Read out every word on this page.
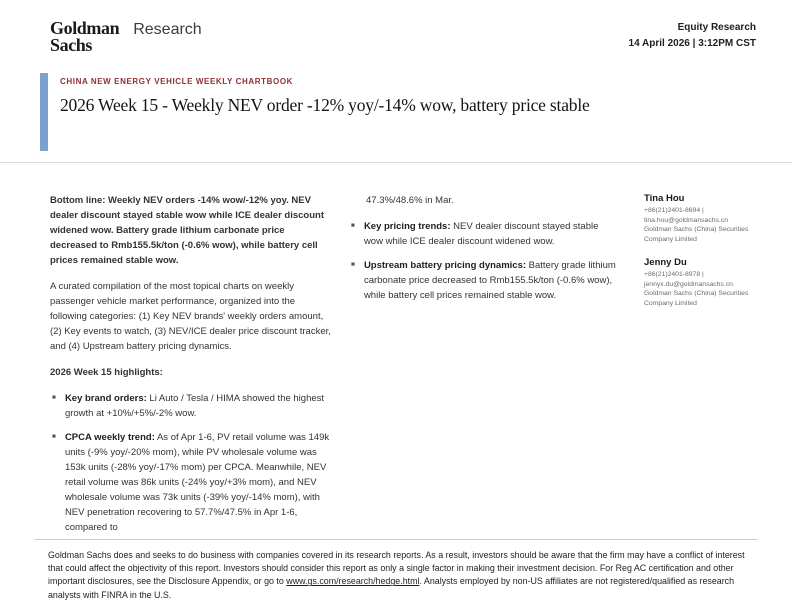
Goldman
Sachs
Research	Equity Research
14 April 2026 | 3:12PM CST
CHINA NEW ENERGY VEHICLE WEEKLY CHARTBOOK
2026 Week 15 - Weekly NEV order -12% yoy/-14% wow, battery price stable

Bottom line: Weekly NEV orders -14% wow/-12% yoy. NEV dealer discount stayed stable wow while ICE dealer discount widened wow. Battery grade lithium carbonate price decreased to Rmb155.5k/ton (-0.6% wow), while battery cell prices remained stable wow.

A curated compilation of the most topical charts on weekly passenger vehicle market performance, organized into the following categories: (1) Key NEV brands' weekly orders amount, (2) Key events to watch, (3) NEV/ICE dealer price discount tracker, and (4) Upstream battery pricing dynamics.

2026 Week 15 highlights:

■ Key brand orders: Li Auto / Tesla / HIMA showed the highest growth at +10%/+5%/-2% wow.
■ CPCA weekly trend: As of Apr 1-6, PV retail volume was 149k units (-9% yoy/-20% mom), while PV wholesale volume was 153k units (-28% yoy/-17% mom) per CPCA. Meanwhile, NEV retail volume was 86k units (-24% yoy/+3% mom), and NEV wholesale volume was 73k units (-39% yoy/-14% mom), with NEV penetration recovering to 57.7%/47.5% in Apr 1-6, compared to

47.3%/48.6% in Mar.

■ Key pricing trends: NEV dealer discount stayed stable wow while ICE dealer discount widened wow.
■ Upstream battery pricing dynamics: Battery grade lithium carbonate price decreased to Rmb155.5k/ton (-0.6% wow), while battery cell prices remained stable wow.
Tina Hou
+86(21)2401-8694 |
tina.hou@goldmansachs.cn
Goldman Sachs (China) Securities Company Limited
Jenny Du
+86(21)2401-8978 |
jennyx.du@goldmansachs.cn
Goldman Sachs (China) Securities Company Limited

Goldman Sachs does and seeks to do business with companies covered in its research reports. As a result, investors should be aware that the firm may have a conflict of interest that could affect the objectivity of this report. Investors should consider this report as only a single factor in making their investment decision. For Reg AC certification and other important disclosures, see the Disclosure Appendix, or go to www.gs.com/research/hedge.html. Analysts employed by non-US affiliates are not registered/qualified as research analysts with FINRA in the U.S.
